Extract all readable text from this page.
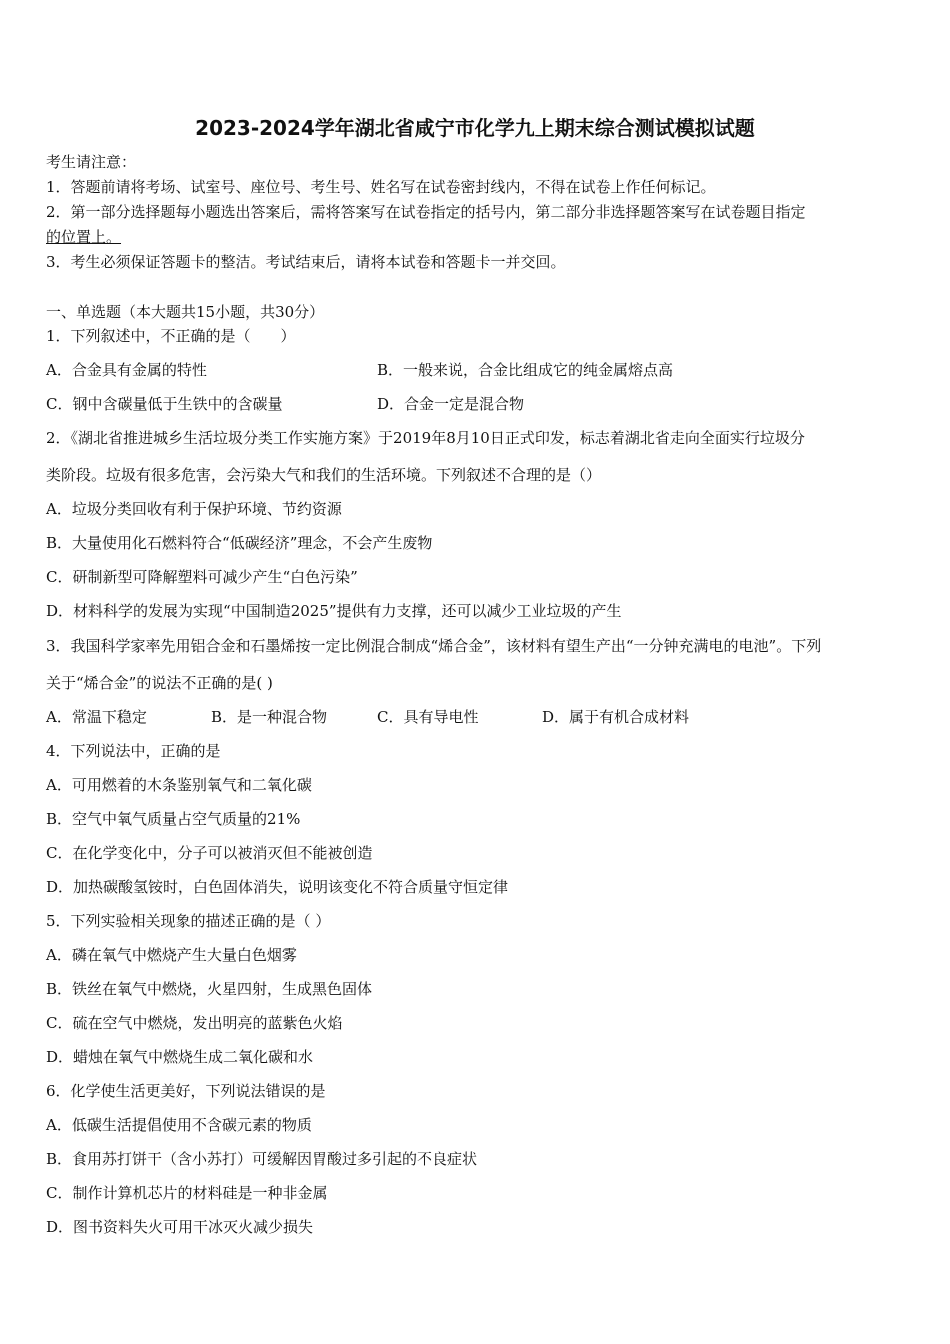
2023-2024学年湖北省咸宁市化学九上期末综合测试模拟试题
考生请注意：
1．答题前请将考场、试室号、座位号、考生号、姓名写在试卷密封线内，不得在试卷上作任何标记。
2．第一部分选择题每小题选出答案后，需将答案写在试卷指定的括号内，第二部分非选择题答案写在试卷题目指定
的位置上。
3．考生必须保证答题卡的整洁。考试结束后，请将本试卷和答题卡一并交回。
一、单选题（本大题共15小题，共30分）
1．下列叙述中，不正确的是（　　）
A．合金具有金属的特性	B．一般来说，合金比组成它的纯金属熔点高
C．钢中含碳量低于生铁中的含碳量	D．合金一定是混合物
2．《湖北省推进城乡生活垃圾分类工作实施方案》于2019年8月10日正式印发，标志着湖北省走向全面实行垃圾分
类阶段。垃圾有很多危害，会污染大气和我们的生活环境。下列叙述不合理的是（）
A．垃圾分类回收有利于保护环境、节约资源
B．大量使用化石燃料符合“低碳经济”理念，不会产生废物
C．研制新型可降解塑料可减少产生“白色污染”
D．材料科学的发展为实现“中国制造2025”提供有力支撑，还可以减少工业垃圾的产生
3．我国科学家率先用铝合金和石墨烯按一定比例混合制成“烯合金”，该材料有望生产出“一分钟充满电的电池”。下列
关于“烯合金”的说法不正确的是( )
A．常温下稳定	B．是一种混合物	C．具有导电性	D．属于有机合成材料
4．下列说法中，正确的是
A．可用燃着的木条鉴别氧气和二氧化碳
B．空气中氧气质量占空气质量的21%
C．在化学变化中，分子可以被消灭但不能被创造
D．加热碳酸氢铵时，白色固体消失，说明该变化不符合质量守恒定律
5．下列实验相关现象的描述正确的是（ ）
A．磷在氧气中燃烧产生大量白色烟雾
B．铁丝在氧气中燃烧，火星四射，生成黑色固体
C．硫在空气中燃烧，发出明亮的蓝紫色火焰
D．蜡烛在氧气中燃烧生成二氧化碳和水
6．化学使生活更美好，下列说法错误的是
A．低碳生活提倡使用不含碳元素的物质
B．食用苏打饼干（含小苏打）可缓解因胃酸过多引起的不良症状
C．制作计算机芯片的材料硅是一种非金属
D．图书资料失火可用干冰灭火减少损失
